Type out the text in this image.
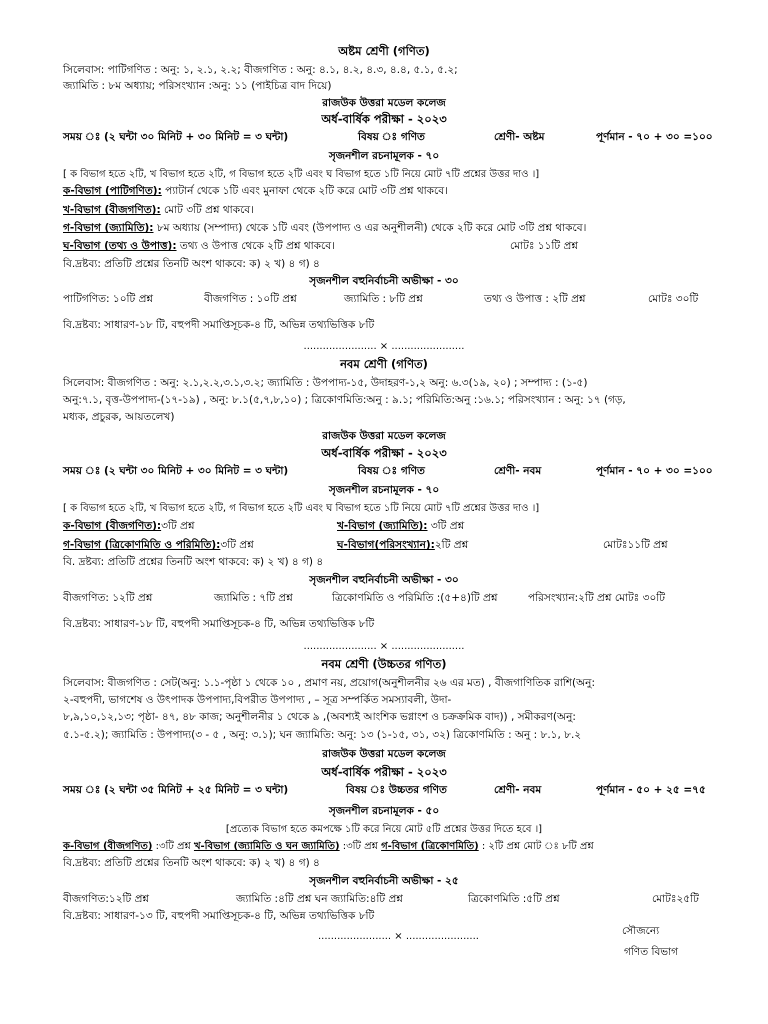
অষ্টম শ্রেণী (গণিত)
সিলেবাস: পাটিগণিত : অনু: ১, ২.১, ২.২; বীজগণিত : অনু: ৪.১, ৪.২, ৪.৩, ৪.৪, ৫.১, ৫.২;
জ্যামিতি : ৮ম অধ্যায়; পরিসংখ্যান :অনু: ১১ (পাইচিত্র বাদ দিয়ে)
রাজউক উত্তরা মডেল কলেজ
অর্ধ-বার্ষিক পরীক্ষা - ২০২৩
সময় ঃ (২ ঘন্টা ৩০ মিনিট + ৩০ মিনিট = ৩ ঘন্টা)	বিষয় ঃ গণিত	শ্রেণী- অষ্টম	পূর্ণমান - ৭০ + ৩০ =১০০
সৃজনশীল রচনামূলক - ৭০
[ ক বিভাগ হতে ২টি, খ বিভাগ হতে ২টি, গ বিভাগ হতে ২টি এবং ঘ বিভাগ হতে ১টি নিয়ে মোট ৭টি প্রশ্নের উত্তর দাও ।]
ক-বিভাগ (পাটিগণিত): প্যাটার্ন থেকে ১টি এবং মুনাফা থেকে ২টি করে মোট ৩টি প্রশ্ন থাকবে।
খ-বিভাগ (বীজগণিত): মোট ৩টি প্রশ্ন থাকবে।
গ-বিভাগ (জ্যামিতি): ৮ম অধ্যায় (সম্পাদ্য) থেকে ১টি এবং (উপপাদ্য ও এর অনুশীলনী) থেকে ২টি করে মোট ৩টি প্রশ্ন থাকবে।
ঘ-বিভাগ (তথ্য ও উপাত্ত): তথ্য ও উপাত্ত থেকে ২টি প্রশ্ন থাকবে।	মোটঃ ১১টি প্রশ্ন
বি.দ্রষ্টব্য: প্রতিটি প্রশ্নের তিনটি অংশ থাকবে: ক) ২ খ) ৪ গ) ৪
সৃজনশীল বহুনির্বাচনী অভীক্ষা - ৩০
পাটিগণিত: ১০টি প্রশ্ন	বীজগণিত : ১০টি প্রশ্ন	জ্যামিতি : ৮টি প্রশ্ন	তথ্য ও উপাত্ত : ২টি প্রশ্ন	মোটঃ ৩০টি
বি.দ্রষ্টব্য: সাধারণ-১৮ টি, বহুপদী সমাপ্তিসূচক-৪ টি, অভিন্ন তথ্যভিত্তিক ৮টি
....................... × .......................
নবম শ্রেণী (গণিত)
সিলেবাস: বীজগণিত : অনু: ২.১,২.২,৩.১,৩.২; জ্যামিতি : উপপাদ্য-১৫, উদাহরণ-১,২ অনু: ৬.৩(১৯, ২০) ; সম্পাদ্য : (১-৫)
অনু:৭.১, বৃত্ত-উপপাদ্য-(১৭-১৯) , অনু: ৮.১(৫,৭,৮,১০) ; ত্রিকোণমিতি:অনু : ৯.১; পরিমিতি:অনু :১৬.১; পরিসংখ্যান : অনু: ১৭ (গড়,
মধ্যক, প্রচুরক, আয়তলেখ)
রাজউক উত্তরা মডেল কলেজ
অর্ধ-বার্ষিক পরীক্ষা - ২০২৩
সময় ঃ (২ ঘন্টা ৩০ মিনিট + ৩০ মিনিট = ৩ ঘন্টা)	বিষয় ঃ গণিত	শ্রেণী- নবম	পূর্ণমান - ৭০ + ৩০ =১০০
সৃজনশীল রচনামূলক - ৭০
[ ক বিভাগ হতে ২টি, খ বিভাগ হতে ২টি, গ বিভাগ হতে ২টি এবং ঘ বিভাগ হতে ১টি নিয়ে মোট ৭টি প্রশ্নের উত্তর দাও ।]
ক-বিভাগ (বীজগণিত):৩টি প্রশ্ন	খ-বিভাগ (জ্যামিতি): ৩টি প্রশ্ন
গ-বিভাগ (ত্রিকোণমিতি ও পরিমিতি):৩টি প্রশ্ন	ঘ-বিভাগ(পরিসংখ্যান):২টি প্রশ্ন	মোটঃ১১টি প্রশ্ন
বি. দ্রষ্টব্য: প্রতিটি প্রশ্নের তিনটি অংশ থাকবে: ক) ২ খ) ৪ গ) ৪
সৃজনশীল বহুনির্বাচনী অভীক্ষা - ৩০
বীজগণিত: ১২টি প্রশ্ন	জ্যামিতি : ৭টি প্রশ্ন	ত্রিকোণমিতি ও পরিমিতি :(৫+৪)টি প্রশ্ন	পরিসংখ্যান:২টি প্রশ্ন মোটঃ ৩০টি
বি.দ্রষ্টব্য: সাধারণ-১৮ টি, বহুপদী সমাপ্তিসূচক-৪ টি, অভিন্ন তথ্যভিত্তিক ৮টি
....................... × .......................
নবম শ্রেণী (উচ্চতর গণিত)
সিলেবাস: বীজগণিত : সেট(অনু: ১.১-পৃষ্ঠা ১ থেকে ১০ , প্রমাণ নয়, প্রয়োগ(অনুশীলনীর ২৬ এর মত) , বীজগাণিতিক রাশি(অনু:
২-বহুপদী, ভাগশেষ ও উৎপাদক উপপাদ্য,বিপরীত উপপাদ্য , – সূত্র সম্পর্কিত সমস্যাবলী, উদা-
৮,৯,১০,১২,১৩; পৃষ্ঠা- ৪৭, ৪৮ কাজ; অনুশীলনীর ১ থেকে ৯ ,(অবশ্যই আংশিক ভগ্নাংশ ও চক্রক্রমিক বাদ)) , সমীকরণ(অনু:
৫.১-৫.২); জ্যামিতি : উপপাদ্য(৩ - ৫ , অনু: ৩.১); ঘন জ্যামিতি: অনু: ১৩ (১-১৫, ৩১, ৩২) ত্রিকোণমিতি : অনু : ৮.১, ৮.২
রাজউক উত্তরা মডেল কলেজ
অর্ধ-বার্ষিক পরীক্ষা - ২০২৩
সময় ঃ (২ ঘন্টা ৩৫ মিনিট + ২৫ মিনিট = ৩ ঘন্টা)	বিষয় ঃ উচ্চতর গণিত	শ্রেণী- নবম	পূর্ণমান - ৫০ + ২৫ =৭৫
সৃজনশীল রচনামূলক - ৫০
[প্রত্যেক বিভাগ হতে কমপক্ষে ১টি করে নিয়ে মোট ৫টি প্রশ্নের উত্তর দিতে হবে ।]
ক-বিভাগ (বীজগণিত) :৩টি প্রশ্ন খ-বিভাগ (জ্যামিতি ও ঘন জ্যামিতি) :৩টি প্রশ্ন গ-বিভাগ (ত্রিকোণমিতি) : ২টি প্রশ্ন মোট ঃ ৮টি প্রশ্ন
বি.দ্রষ্টব্য: প্রতিটি প্রশ্নের তিনটি অংশ থাকবে: ক) ২ খ) ৪ গ) ৪
সৃজনশীল বহুনির্বাচনী অভীক্ষা - ২৫
বীজগণিত:১২টি প্রশ্ন	জ্যামিতি :৪টি প্রশ্ন ঘন জ্যামিতি:৪টি প্রশ্ন	ত্রিকোণমিতি :৫টি প্রশ্ন	মোটঃ২৫টি
বি.দ্রষ্টব্য: সাধারণ-১৩ টি, বহুপদী সমাপ্তিসূচক-৪ টি, অভিন্ন তথ্যভিত্তিক ৮টি
....................... × .......................	সৌজন্যে
গণিত বিভাগ
